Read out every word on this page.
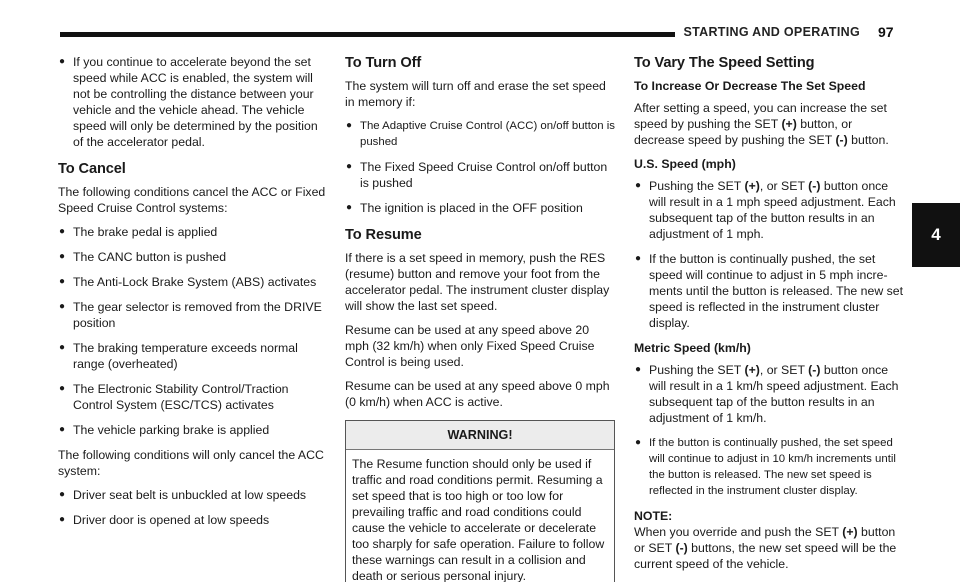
STARTING AND OPERATING	97
4
● If you continue to accelerate beyond the set speed while ACC is enabled, the system will not be controlling the distance between your vehicle and the vehicle ahead. The vehicle speed will only be determined by the position of the accelerator pedal.
To Cancel

The following conditions cancel the ACC or Fixed Speed Cruise Control systems:

● The brake pedal is applied
● The CANC button is pushed
● The Anti-Lock Brake System (ABS) activates
● The gear selector is removed from the DRIVE position
● The braking temperature exceeds normal range (overheated)
● The Electronic Stability Control/Traction Control System (ESC/TCS) activates
● The vehicle parking brake is applied

The following conditions will only cancel the ACC system:

● Driver seat belt is unbuckled at low speeds
● Driver door is opened at low speeds
To Turn Off

The system will turn off and erase the set speed in memory if:

● The Adaptive Cruise Control (ACC) on/off button is pushed
● The Fixed Speed Cruise Control on/off button is pushed
● The ignition is placed in the OFF position
To Resume

If there is a set speed in memory, push the RES (resume) button and remove your foot from the accelerator pedal. The instrument cluster display will show the last set speed.

Resume can be used at any speed above 20 mph (32 km/h) when only Fixed Speed Cruise Control is being used.

Resume can be used at any speed above 0 mph (0 km/h) when ACC is active.

WARNING!
The Resume function should only be used if traffic and road conditions permit. Resuming a set speed that is too high or too low for prevailing traffic and road conditions could cause the vehicle to accelerate or decelerate too sharply for safe operation. Failure to follow these warnings can result in a collision and death or serious personal injury.
To Vary The Speed Setting
To Increase Or Decrease The Set Speed

After setting a speed, you can increase the set speed by pushing the SET (+) button, or decrease speed by pushing the SET (-) button.

U.S. Speed (mph)
● Pushing the SET (+), or SET (-) button once will result in a 1 mph speed adjustment. Each subsequent tap of the button results in an adjustment of 1 mph.
● If the button is continually pushed, the set speed will continue to adjust in 5 mph increments until the button is released. The new set speed is reflected in the instrument cluster display.
Metric Speed (km/h)
● Pushing the SET (+), or SET (-) button once will result in a 1 km/h speed adjustment. Each subsequent tap of the button results in an adjustment of 1 km/h.
● If the button is continually pushed, the set speed will continue to adjust in 10 km/h increments until the button is released. The new set speed is reflected in the instrument cluster display.
NOTE:

When you override and push the SET (+) button or SET (-) buttons, the new set speed will be the current speed of the vehicle.
